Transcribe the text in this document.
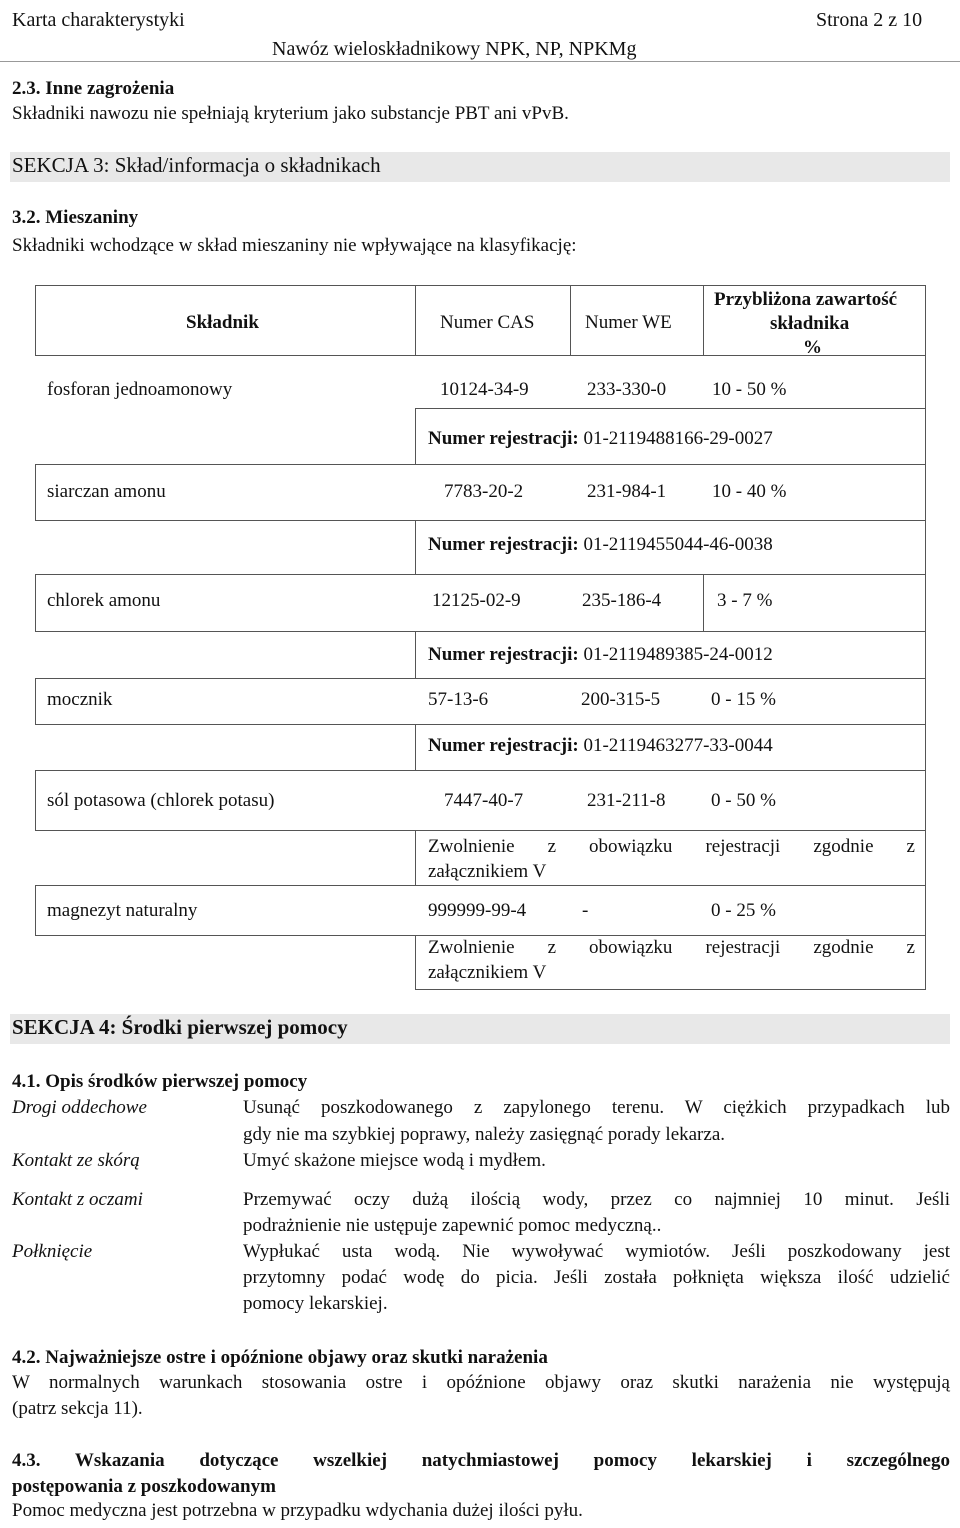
Karta charakterystyki	Strona 2 z 10
Nawóz wieloskładnikowy NPK, NP, NPKMg
2.3. Inne zagrożenia
Składniki nawozu nie spełniają kryterium jako substancje PBT ani vPvB.
SEKCJA 3: Skład/informacja o składnikach
3.2. Mieszaniny
Składniki wchodzące w skład mieszaniny nie wpływające na klasyfikację:
Składnik	Numer CAS	Numer WE
Przybliżona zawartość
składnika
%
fosforan jednoamonowy	10124-34-9	233-330-0 10 - 50 %
Numer rejestracji: 01-2119488166-29-0027
siarczan amonu	7783-20-2	231-984-1 10 - 40 %
Numer rejestracji: 01-2119455044-46-0038
chlorek amonu	12125-02-9	235-186-4	3 - 7 %
Numer rejestracji: 01-2119489385-24-0012
mocznik	57-13-6	200-315-5	0 - 15 %
Numer rejestracji: 01-2119463277-33-0044
sól potasowa (chlorek potasu)	7447-40-7	231-211-8 0 - 50 %
Zwolnienie z obowiązku rejestracji zgodnie z
załącznikiem V
magnezyt naturalny	999999-99-4	-	0 - 25 %
Zwolnienie z obowiązku rejestracji zgodnie z
załącznikiem V
SEKCJA 4: Środki pierwszej pomocy
4.1. Opis środków pierwszej pomocy
Drogi oddechowe	Usunąć poszkodowanego z zapylonego terenu. W ciężkich przypadkach lub
gdy nie ma szybkiej poprawy, należy zasięgnąć porady lekarza.
Kontakt ze skórą	Umyć skażone miejsce wodą i mydłem.
Kontakt z oczami	Przemywać oczy dużą ilością wody, przez co najmniej 10 minut. Jeśli
podrażnienie nie ustępuje zapewnić pomoc medyczną..
Połknięcie	Wypłukać usta wodą. Nie wywoływać wymiotów. Jeśli poszkodowany jest
przytomny podać wodę do picia. Jeśli została połknięta większa ilość udzielić
pomocy lekarskiej.
4.2. Najważniejsze ostre i opóźnione objawy oraz skutki narażenia
W normalnych warunkach stosowania ostre i opóźnione objawy oraz skutki narażenia nie występują
(patrz sekcja 11).
4.3. Wskazania dotyczące wszelkiej natychmiastowej pomocy lekarskiej i szczególnego
postępowania z poszkodowanym
Pomoc medyczna jest potrzebna w przypadku wdychania dużej ilości pyłu.
